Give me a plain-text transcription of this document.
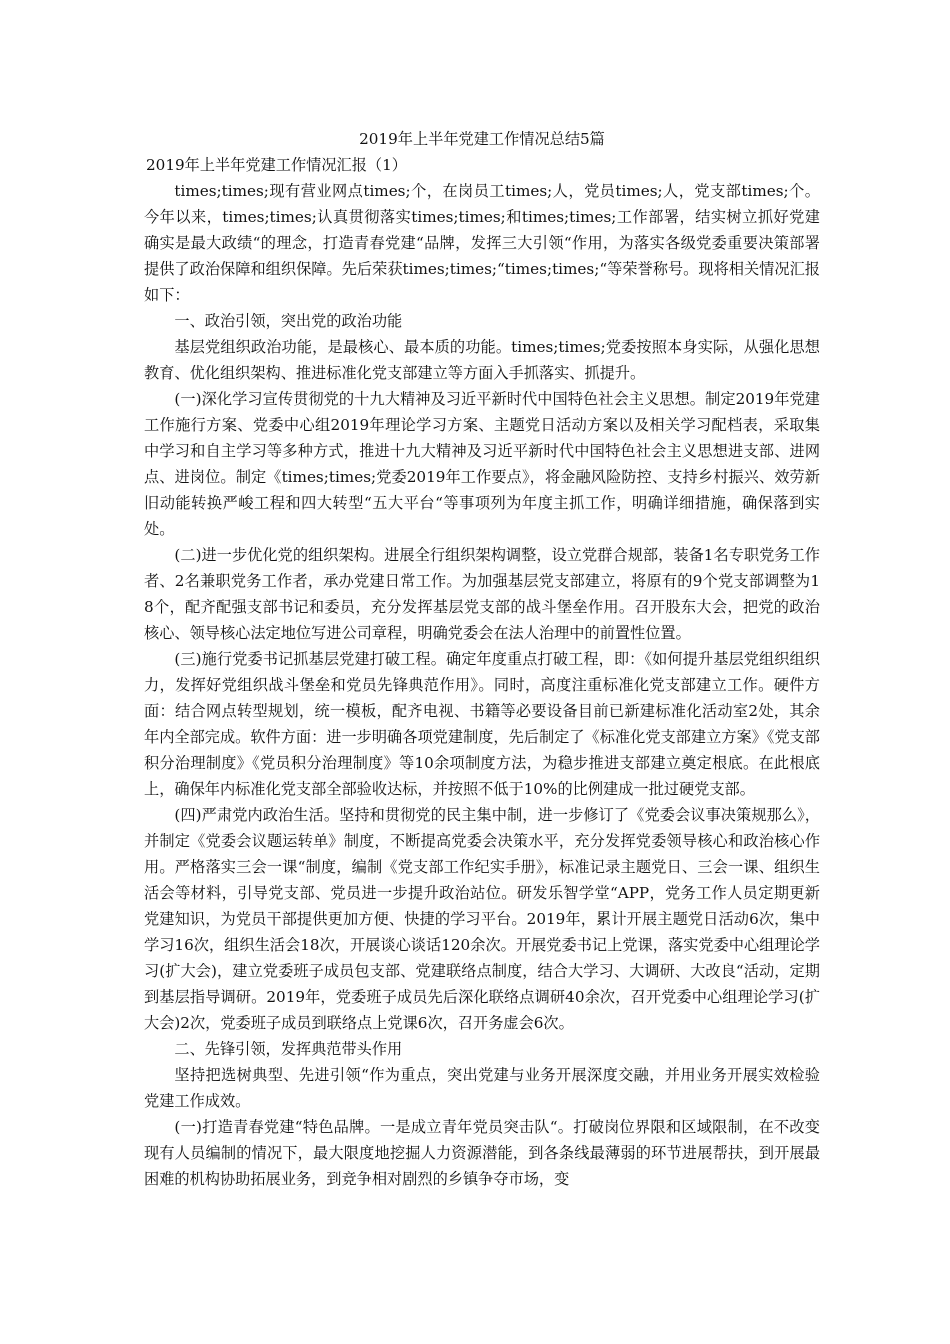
2019年上半年党建工作情况总结5篇

2019年上半年党建工作情况汇报（1）

times;times;现有营业网点times;个，在岗员工times;人，党员times;人，党支部times;个。今年以来，times;times;认真贯彻落实times;times;和times;times;工作部署，结实树立抓好党建确实是最大政绩“的理念，打造青春党建“品牌，发挥三大引领“作用，为落实各级党委重要决策部署提供了政治保障和组织保障。先后荣获times;times;“times;times;“等荣誉称号。现将相关情况汇报如下：

一、政治引领，突出党的政治功能

基层党组织政治功能，是最核心、最本质的功能。times;times;党委按照本身实际，从强化思想教育、优化组织架构、推进标准化党支部建立等方面入手抓落实、抓提升。

(一)深化学习宣传贯彻党的十九大精神及习近平新时代中国特色社会主义思想。制定2019年党建工作施行方案、党委中心组2019年理论学习方案、主题党日活动方案以及相关学习配档表，采取集中学习和自主学习等多种方式，推进十九大精神及习近平新时代中国特色社会主义思想进支部、进网点、进岗位。制定《times;times;党委2019年工作要点》，将金融风险防控、支持乡村振兴、效劳新旧动能转换严峻工程和四大转型“五大平台“等事项列为年度主抓工作，明确详细措施，确保落到实处。

(二)进一步优化党的组织架构。进展全行组织架构调整，设立党群合规部，装备1名专职党务工作者、2名兼职党务工作者，承办党建日常工作。为加强基层党支部建立，将原有的9个党支部调整为18个，配齐配强支部书记和委员，充分发挥基层党支部的战斗堡垒作用。召开股东大会，把党的政治核心、领导核心法定地位写进公司章程，明确党委会在法人治理中的前置性位置。

(三)施行党委书记抓基层党建打破工程。确定年度重点打破工程，即：《如何提升基层党组织组织力，发挥好党组织战斗堡垒和党员先锋典范作用》。同时，高度注重标准化党支部建立工作。硬件方面：结合网点转型规划，统一模板，配齐电视、书籍等必要设备目前已新建标准化活动室2处，其余年内全部完成。软件方面：进一步明确各项党建制度，先后制定了《标准化党支部建立方案》《党支部积分治理制度》《党员积分治理制度》等10余项制度方法，为稳步推进支部建立奠定根底。在此根底上，确保年内标准化党支部全部验收达标，并按照不低于10%的比例建成一批过硬党支部。

(四)严肃党内政治生活。坚持和贯彻党的民主集中制，进一步修订了《党委会议事决策规那么》，并制定《党委会议题运转单》制度，不断提高党委会决策水平，充分发挥党委领导核心和政治核心作用。严格落实三会一课“制度，编制《党支部工作纪实手册》，标准记录主题党日、三会一课、组织生活会等材料，引导党支部、党员进一步提升政治站位。研发乐智学堂“APP，党务工作人员定期更新党建知识，为党员干部提供更加方便、快捷的学习平台。2019年，累计开展主题党日活动6次，集中学习16次，组织生活会18次，开展谈心谈话120余次。开展党委书记上党课，落实党委中心组理论学习(扩大会)，建立党委班子成员包支部、党建联络点制度，结合大学习、大调研、大改良“活动，定期到基层指导调研。2019年，党委班子成员先后深化联络点调研40余次，召开党委中心组理论学习(扩大会)2次，党委班子成员到联络点上党课6次，召开务虚会6次。

二、先锋引领，发挥典范带头作用

坚持把选树典型、先进引领“作为重点，突出党建与业务开展深度交融，并用业务开展实效检验党建工作成效。

(一)打造青春党建“特色品牌。一是成立青年党员突击队“。打破岗位界限和区域限制，在不改变现有人员编制的情况下，最大限度地挖掘人力资源潜能，到各条线最薄弱的环节进展帮扶，到开展最困难的机构协助拓展业务，到竞争相对剧烈的乡镇争夺市场，变
